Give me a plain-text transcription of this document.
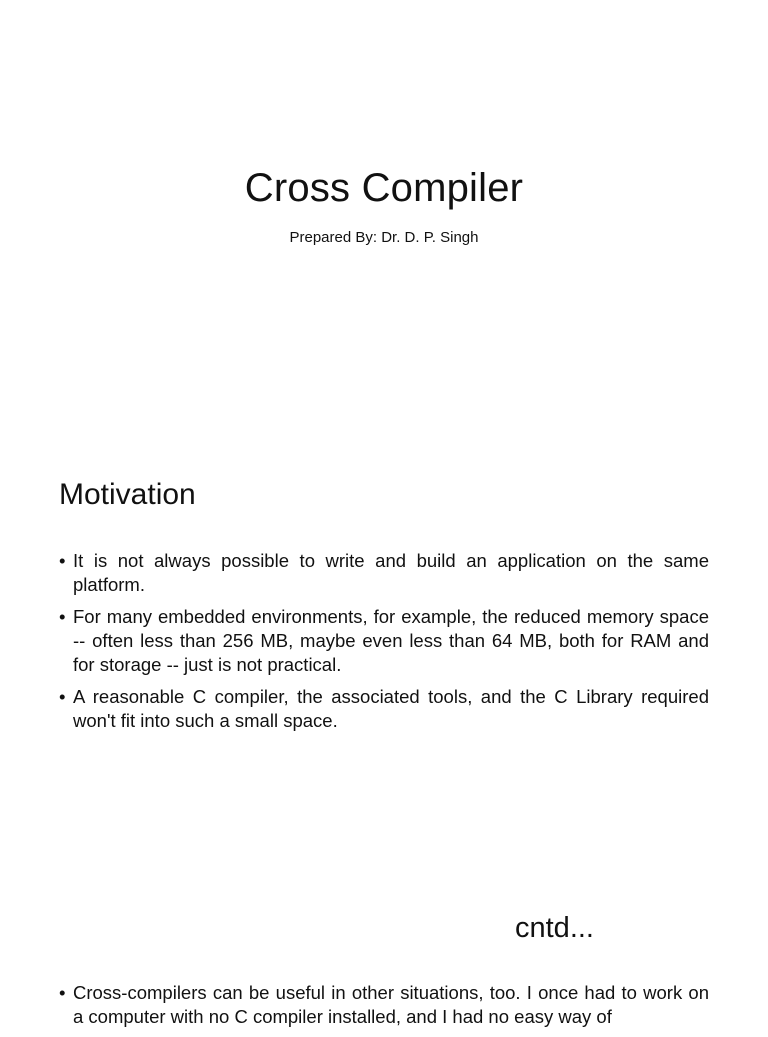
Cross Compiler
Prepared By: Dr. D. P. Singh
Motivation
• It is not always possible to write and build an application on the same platform.
• For many embedded environments, for example, the reduced memory space -- often less than 256 MB, maybe even less than 64 MB, both for RAM and for storage -- just is not practical.
• A reasonable C compiler, the associated tools, and the C Library required won't fit into such a small space.
cntd...
• Cross-compilers can be useful in other situations, too. I once had to work on a computer with no C compiler installed, and I had no easy way of
